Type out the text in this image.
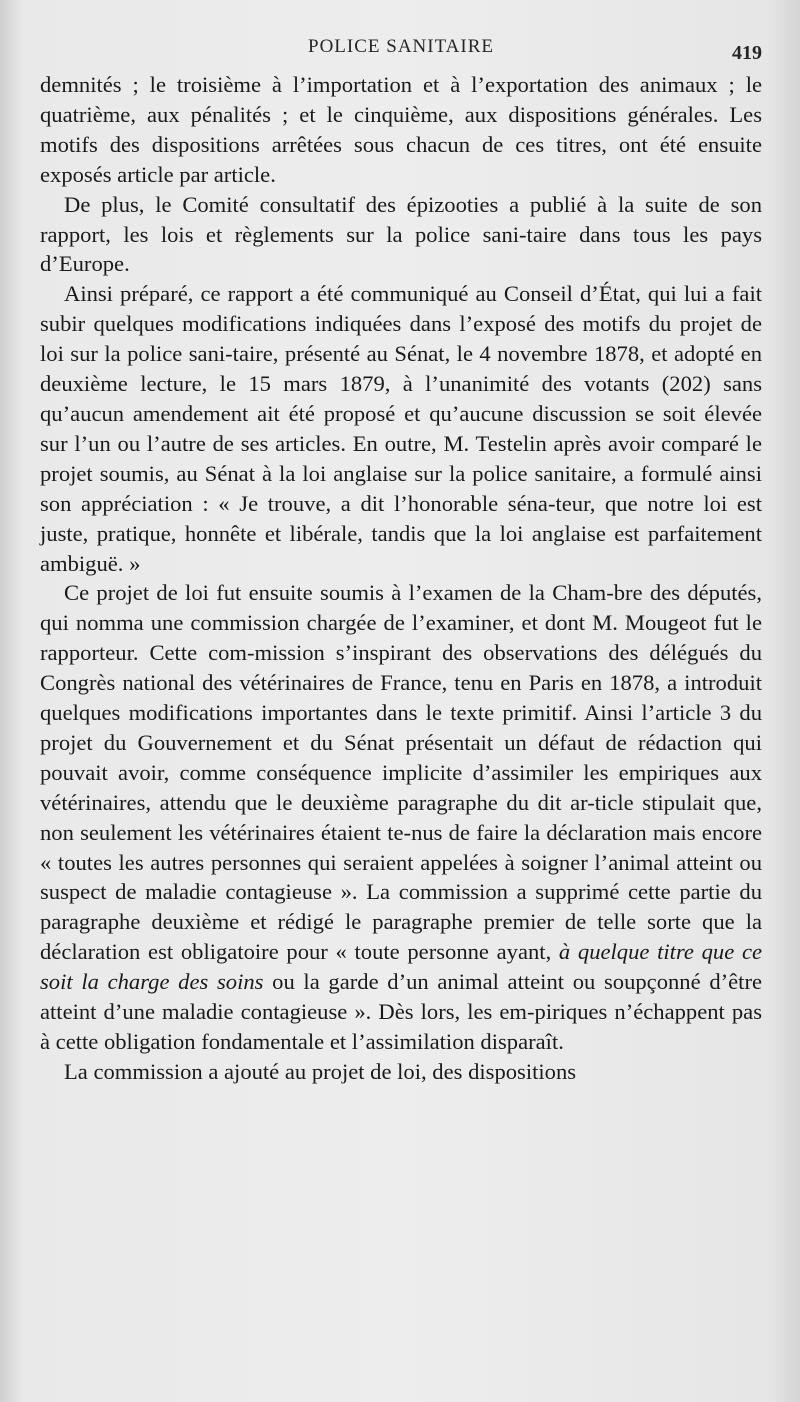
POLICE SANITAIRE	419

demnités ; le troisième à l’importation et à l’exportation des animaux ; le quatrième, aux pénalités ; et le cinquième, aux dispositions générales. Les motifs des dispositions arrêtées sous chacun de ces titres, ont été ensuite exposés article par article.

De plus, le Comité consultatif des épizooties a publié à la suite de son rapport, les lois et règlements sur la police sani-taire dans tous les pays d’Europe.

Ainsi préparé, ce rapport a été communiqué au Conseil d’État, qui lui a fait subir quelques modifications indiquées dans l’exposé des motifs du projet de loi sur la police sani-taire, présenté au Sénat, le 4 novembre 1878, et adopté en deuxième lecture, le 15 mars 1879, à l’unanimité des votants (202) sans qu’aucun amendement ait été proposé et qu’aucune discussion se soit élevée sur l’un ou l’autre de ses articles. En outre, M. Testelin après avoir comparé le projet soumis, au Sénat à la loi anglaise sur la police sanitaire, a formulé ainsi son appréciation : « Je trouve, a dit l’honorable séna-teur, que notre loi est juste, pratique, honnête et libérale, tandis que la loi anglaise est parfaitement ambiguë. »

Ce projet de loi fut ensuite soumis à l’examen de la Cham-bre des députés, qui nomma une commission chargée de l’examiner, et dont M. Mougeot fut le rapporteur. Cette com-mission s’inspirant des observations des délégués du Congrès national des vétérinaires de France, tenu en Paris en 1878, a introduit quelques modifications importantes dans le texte primitif. Ainsi l’article 3 du projet du Gouvernement et du Sénat présentait un défaut de rédaction qui pouvait avoir, comme conséquence implicite d’assimiler les empiriques aux vétérinaires, attendu que le deuxième paragraphe du dit ar-ticle stipulait que, non seulement les vétérinaires étaient te-nus de faire la déclaration mais encore « toutes les autres personnes qui seraient appelées à soigner l’animal atteint ou suspect de maladie contagieuse ». La commission a supprimé cette partie du paragraphe deuxième et rédigé le paragraphe premier de telle sorte que la déclaration est obligatoire pour « toute personne ayant, à quelque titre que ce soit la charge des soins ou la garde d’un animal atteint ou soupçonné d’être atteint d’une maladie contagieuse ». Dès lors, les em-piriques n’échappent pas à cette obligation fondamentale et l’assimilation disparaît.

La commission a ajouté au projet de loi, des dispositions
